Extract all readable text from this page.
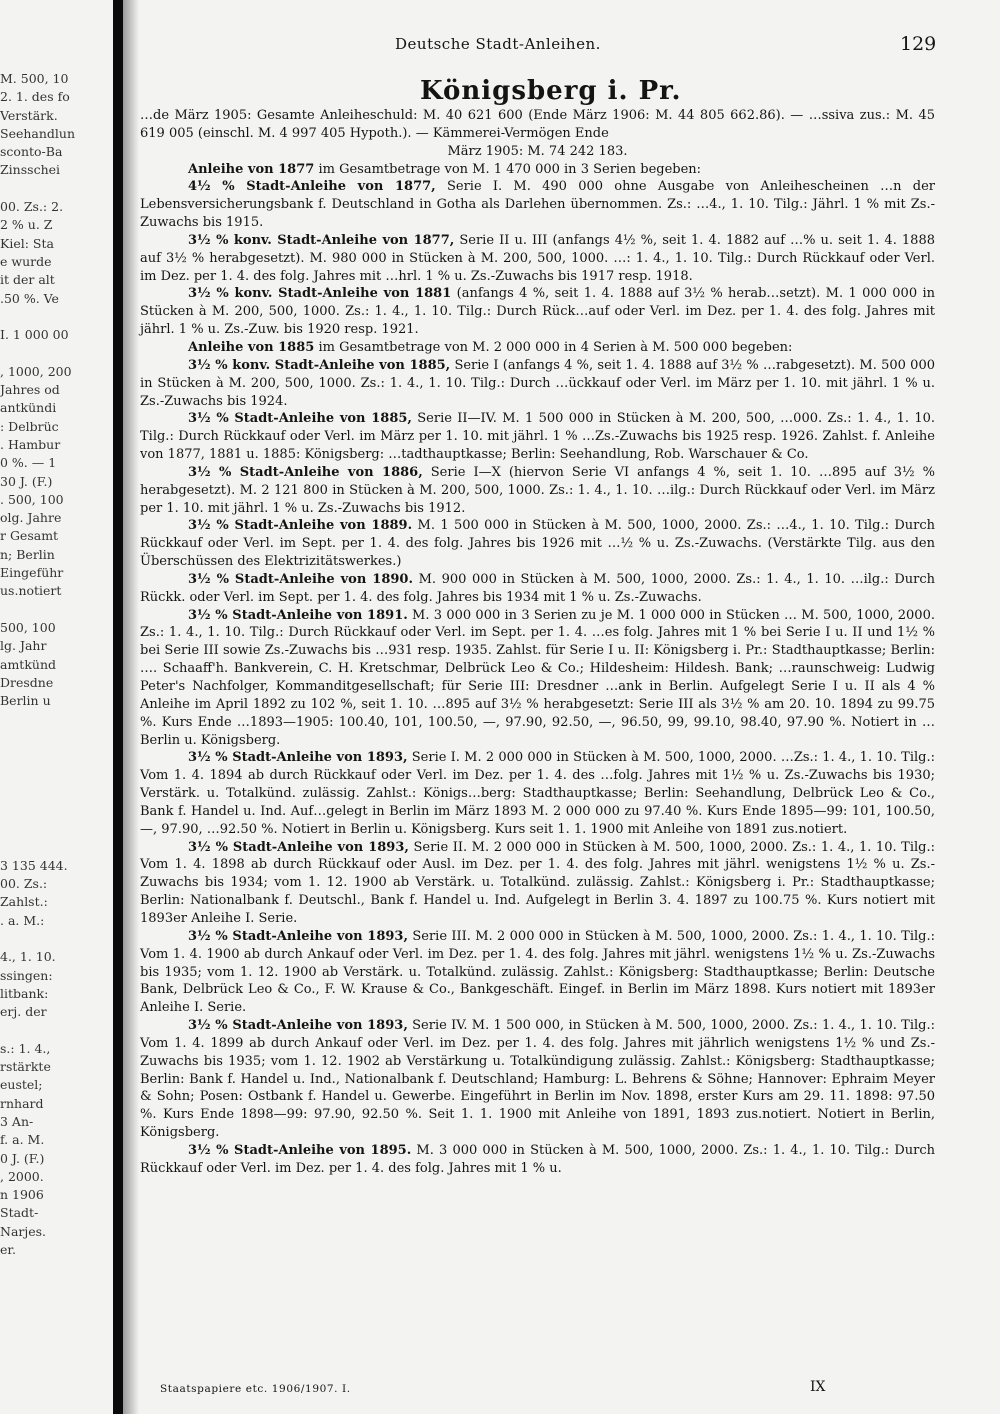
M. 500, 10
2. 1. des fo
Verstärk.
Seehandlun
sconto-Ba
Zinsschei
00. Zs.: 2.
2 % u. Z
Kiel: Sta
e wurde
it der alt
.50 %. Ve
I. 1 000 00
, 1000, 200
Jahres od
antkündi
: Delbrüc
. Hambur
0 %. — 1
30 J. (F.)
. 500, 100
olg. Jahre
r Gesamt
n; Berlin
Eingeführ
us.notiert
500, 100
lg. Jahr
amtkünd
Dresdne
Berlin u
3 135 444.
00. Zs.:
Zahlst.:
. a. M.:
4., 1. 10.
ssingen:
litbank:
erj. der
s.: 1. 4.,
rstärkte
eustel;
rnhard
3 An-
f. a. M.
0 J. (F.)
, 2000.
n 1906
Stadt-
Narjes.
er.
Deutsche Stadt-Anleihen.	129
Königsberg i. Pr.

…de März 1905: Gesamte Anleiheschuld: M. 40 621 600 (Ende März 1906: M. 44 805 662.86). — …ssiva zus.: M. 45 619 005 (einschl. M. 4 997 405 Hypoth.). — Kämmerei-Vermögen Ende

März 1905: M. 74 242 183.

Anleihe von 1877 im Gesamtbetrage von M. 1 470 000 in 3 Serien begeben:

4½ % Stadt-Anleihe von 1877, Serie I. M. 490 000 ohne Ausgabe von Anleihescheinen …n der Lebensversicherungsbank f. Deutschland in Gotha als Darlehen übernommen. Zs.: …4., 1. 10. Tilg.: Jährl. 1 % mit Zs.-Zuwachs bis 1915.

3½ % konv. Stadt-Anleihe von 1877, Serie II u. III (anfangs 4½ %, seit 1. 4. 1882 auf …% u. seit 1. 4. 1888 auf 3½ % herabgesetzt). M. 980 000 in Stücken à M. 200, 500, 1000. …: 1. 4., 1. 10. Tilg.: Durch Rückkauf oder Verl. im Dez. per 1. 4. des folg. Jahres mit …hrl. 1 % u. Zs.-Zuwachs bis 1917 resp. 1918.

3½ % konv. Stadt-Anleihe von 1881 (anfangs 4 %, seit 1. 4. 1888 auf 3½ % herab…setzt). M. 1 000 000 in Stücken à M. 200, 500, 1000. Zs.: 1. 4., 1. 10. Tilg.: Durch Rück…auf oder Verl. im Dez. per 1. 4. des folg. Jahres mit jährl. 1 % u. Zs.-Zuw. bis 1920 resp. 1921.

Anleihe von 1885 im Gesamtbetrage von M. 2 000 000 in 4 Serien à M. 500 000 begeben:

3½ % konv. Stadt-Anleihe von 1885, Serie I (anfangs 4 %, seit 1. 4. 1888 auf 3½ % …rabgesetzt). M. 500 000 in Stücken à M. 200, 500, 1000. Zs.: 1. 4., 1. 10. Tilg.: Durch …ückkauf oder Verl. im März per 1. 10. mit jährl. 1 % u. Zs.-Zuwachs bis 1924.

3½ % Stadt-Anleihe von 1885, Serie II—IV. M. 1 500 000 in Stücken à M. 200, 500, …000. Zs.: 1. 4., 1. 10. Tilg.: Durch Rückkauf oder Verl. im März per 1. 10. mit jährl. 1 % …Zs.-Zuwachs bis 1925 resp. 1926. Zahlst. f. Anleihe von 1877, 1881 u. 1885: Königsberg: …tadthauptkasse; Berlin: Seehandlung, Rob. Warschauer & Co.

3½ % Stadt-Anleihe von 1886, Serie I—X (hiervon Serie VI anfangs 4 %, seit 1. 10. …895 auf 3½ % herabgesetzt). M. 2 121 800 in Stücken à M. 200, 500, 1000. Zs.: 1. 4., 1. 10. …ilg.: Durch Rückkauf oder Verl. im März per 1. 10. mit jährl. 1 % u. Zs.-Zuwachs bis 1912.

3½ % Stadt-Anleihe von 1889. M. 1 500 000 in Stücken à M. 500, 1000, 2000. Zs.: …4., 1. 10. Tilg.: Durch Rückkauf oder Verl. im Sept. per 1. 4. des folg. Jahres bis 1926 mit …½ % u. Zs.-Zuwachs. (Verstärkte Tilg. aus den Überschüssen des Elektrizitätswerkes.)

3½ % Stadt-Anleihe von 1890. M. 900 000 in Stücken à M. 500, 1000, 2000. Zs.: 1. 4., 1. 10. …ilg.: Durch Rückk. oder Verl. im Sept. per 1. 4. des folg. Jahres bis 1934 mit 1 % u. Zs.-Zuwachs.

3½ % Stadt-Anleihe von 1891. M. 3 000 000 in 3 Serien zu je M. 1 000 000 in Stücken … M. 500, 1000, 2000. Zs.: 1. 4., 1. 10. Tilg.: Durch Rückkauf oder Verl. im Sept. per 1. 4. …es folg. Jahres mit 1 % bei Serie I u. II und 1½ % bei Serie III sowie Zs.-Zuwachs bis …931 resp. 1935. Zahlst. für Serie I u. II: Königsberg i. Pr.: Stadthauptkasse; Berlin: …. Schaaff'h. Bankverein, C. H. Kretschmar, Delbrück Leo & Co.; Hildesheim: Hildesh. Bank; …raunschweig: Ludwig Peter's Nachfolger, Kommanditgesellschaft; für Serie III: Dresdner …ank in Berlin. Aufgelegt Serie I u. II als 4 % Anleihe im April 1892 zu 102 %, seit 1. 10. …895 auf 3½ % herabgesetzt: Serie III als 3½ % am 20. 10. 1894 zu 99.75 %. Kurs Ende …1893—1905: 100.40, 101, 100.50, —, 97.90, 92.50, —, 96.50, 99, 99.10, 98.40, 97.90 %. Notiert in …Berlin u. Königsberg.

3½ % Stadt-Anleihe von 1893, Serie I. M. 2 000 000 in Stücken à M. 500, 1000, 2000. …Zs.: 1. 4., 1. 10. Tilg.: Vom 1. 4. 1894 ab durch Rückkauf oder Verl. im Dez. per 1. 4. des …folg. Jahres mit 1½ % u. Zs.-Zuwachs bis 1930; Verstärk. u. Totalkünd. zulässig. Zahlst.: Königs…berg: Stadthauptkasse; Berlin: Seehandlung, Delbrück Leo & Co., Bank f. Handel u. Ind. Auf…gelegt in Berlin im März 1893 M. 2 000 000 zu 97.40 %. Kurs Ende 1895—99: 101, 100.50, —, 97.90, …92.50 %. Notiert in Berlin u. Königsberg. Kurs seit 1. 1. 1900 mit Anleihe von 1891 zus.notiert.

3½ % Stadt-Anleihe von 1893, Serie II. M. 2 000 000 in Stücken à M. 500, 1000, 2000. Zs.: 1. 4., 1. 10. Tilg.: Vom 1. 4. 1898 ab durch Rückkauf oder Ausl. im Dez. per 1. 4. des folg. Jahres mit jährl. wenigstens 1½ % u. Zs.-Zuwachs bis 1934; vom 1. 12. 1900 ab Verstärk. u. Totalkünd. zulässig. Zahlst.: Königsberg i. Pr.: Stadthauptkasse; Berlin: Nationalbank f. Deutschl., Bank f. Handel u. Ind. Aufgelegt in Berlin 3. 4. 1897 zu 100.75 %. Kurs notiert mit 1893er Anleihe I. Serie.

3½ % Stadt-Anleihe von 1893, Serie III. M. 2 000 000 in Stücken à M. 500, 1000, 2000. Zs.: 1. 4., 1. 10. Tilg.: Vom 1. 4. 1900 ab durch Ankauf oder Verl. im Dez. per 1. 4. des folg. Jahres mit jährl. wenigstens 1½ % u. Zs.-Zuwachs bis 1935; vom 1. 12. 1900 ab Verstärk. u. Totalkünd. zulässig. Zahlst.: Königsberg: Stadthauptkasse; Berlin: Deutsche Bank, Delbrück Leo & Co., F. W. Krause & Co., Bankgeschäft. Eingef. in Berlin im März 1898. Kurs notiert mit 1893er Anleihe I. Serie.

3½ % Stadt-Anleihe von 1893, Serie IV. M. 1 500 000, in Stücken à M. 500, 1000, 2000. Zs.: 1. 4., 1. 10. Tilg.: Vom 1. 4. 1899 ab durch Ankauf oder Verl. im Dez. per 1. 4. des folg. Jahres mit jährlich wenigstens 1½ % und Zs.-Zuwachs bis 1935; vom 1. 12. 1902 ab Verstärkung u. Totalkündigung zulässig. Zahlst.: Königsberg: Stadthauptkasse; Berlin: Bank f. Handel u. Ind., Nationalbank f. Deutschland; Hamburg: L. Behrens & Söhne; Hannover: Ephraim Meyer & Sohn; Posen: Ostbank f. Handel u. Gewerbe. Eingeführt in Berlin im Nov. 1898, erster Kurs am 29. 11. 1898: 97.50 %. Kurs Ende 1898—99: 97.90, 92.50 %. Seit 1. 1. 1900 mit Anleihe von 1891, 1893 zus.notiert. Notiert in Berlin, Königsberg.

3½ % Stadt-Anleihe von 1895. M. 3 000 000 in Stücken à M. 500, 1000, 2000. Zs.: 1. 4., 1. 10. Tilg.: Durch Rückkauf oder Verl. im Dez. per 1. 4. des folg. Jahres mit 1 % u.

Staatspapiere etc. 1906/1907. I.	IX
